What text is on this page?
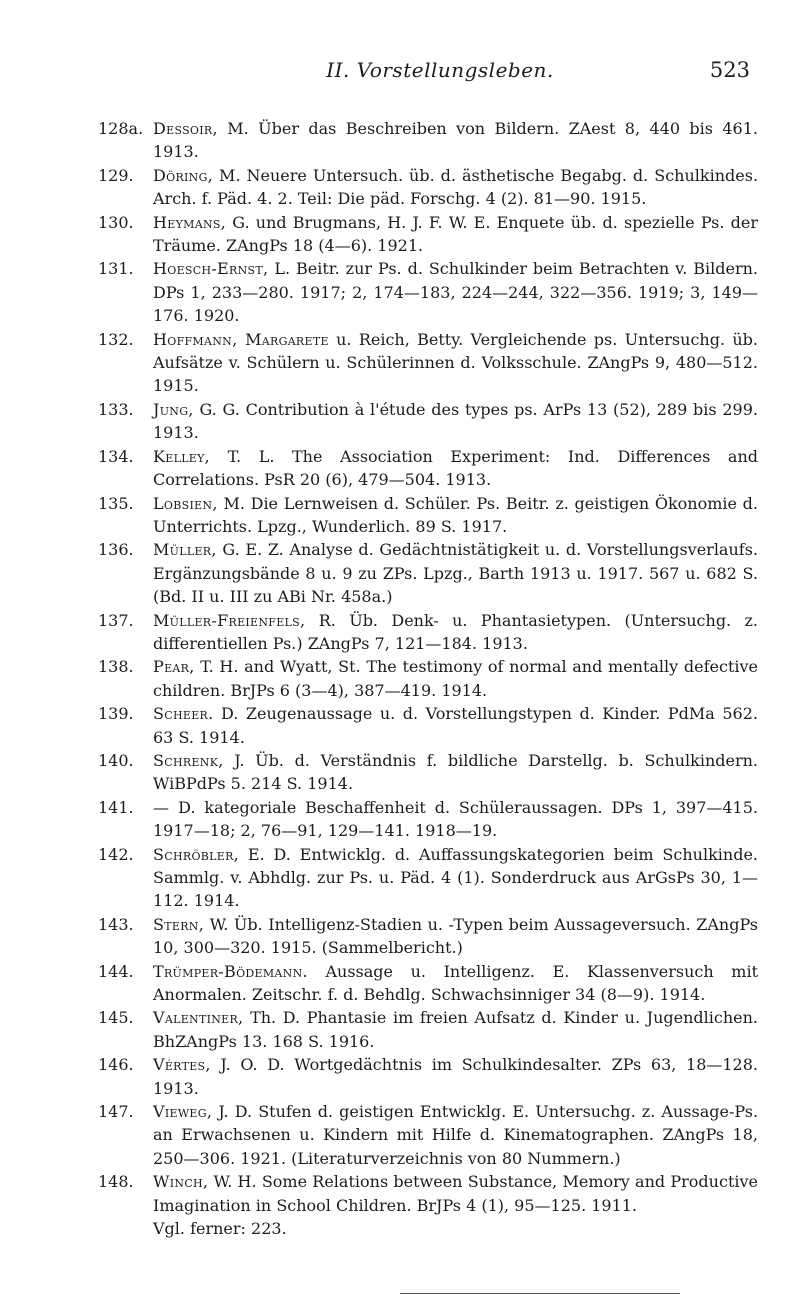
II. Vorstellungsleben.	523

128a. Dessoir, M. Über das Beschreiben von Bildern. ZAest 8, 440 bis 461. 1913.

129.	Döring, M. Neuere Untersuch. üb. d. ästhetische Begabg. d. Schulkindes. Arch. f. Päd. 4. 2. Teil: Die päd. Forschg. 4 (2). 81—90. 1915.

130.	Heymans, G. und Brugmans, H. J. F. W. E. Enquete üb. d. spezielle Ps. der Träume. ZAngPs 18 (4—6). 1921.

131.	Hoesch-Ernst, L. Beitr. zur Ps. d. Schulkinder beim Betrachten v. Bildern. DPs 1, 233—280. 1917; 2, 174—183, 224—244, 322—356. 1919; 3, 149—176. 1920.

132.	Hoffmann, Margarete u. Reich, Betty. Vergleichende ps. Untersuchg. üb. Aufsätze v. Schülern u. Schülerinnen d. Volksschule. ZAngPs 9, 480—512. 1915.

133.	Jung, G. G. Contribution à l'étude des types ps. ArPs 13 (52), 289 bis 299. 1913.

134.	Kelley, T. L. The Association Experiment: Ind. Differences and Correlations. PsR 20 (6), 479—504. 1913.

135.	Lobsien, M. Die Lernweisen d. Schüler. Ps. Beitr. z. geistigen Ökonomie d. Unterrichts. Lpzg., Wunderlich. 89 S. 1917.

136.	Müller, G. E. Z. Analyse d. Gedächtnistätigkeit u. d. Vorstellungsverlaufs. Ergänzungsbände 8 u. 9 zu ZPs. Lpzg., Barth 1913 u. 1917. 567 u. 682 S. (Bd. II u. III zu ABi Nr. 458a.)

137.	Müller-Freienfels, R. Üb. Denk- u. Phantasietypen. (Untersuchg. z. differentiellen Ps.) ZAngPs 7, 121—184. 1913.

138.	Pear, T. H. and Wyatt, St. The testimony of normal and mentally defective children. BrJPs 6 (3—4), 387—419. 1914.

139.	Scheer. D. Zeugenaussage u. d. Vorstellungstypen d. Kinder. PdMa 562. 63 S. 1914.

140.	Schrenk, J. Üb. d. Verständnis f. bildliche Darstellg. b. Schulkindern. WiBPdPs 5. 214 S. 1914.

141.	— D. kategoriale Beschaffenheit d. Schüleraussagen. DPs 1, 397—415. 1917—18; 2, 76—91, 129—141. 1918—19.

142.	Schröbler, E. D. Entwicklg. d. Auffassungskategorien beim Schulkinde. Sammlg. v. Abhdlg. zur Ps. u. Päd. 4 (1). Sonderdruck aus ArGsPs 30, 1—112. 1914.

143.	Stern, W. Üb. Intelligenz-Stadien u. -Typen beim Aussageversuch. ZAngPs 10, 300—320. 1915. (Sammelbericht.)

144.	Trümper-Bödemann. Aussage u. Intelligenz. E. Klassenversuch mit Anormalen. Zeitschr. f. d. Behdlg. Schwachsinniger 34 (8—9). 1914.

145.	Valentiner, Th. D. Phantasie im freien Aufsatz d. Kinder u. Jugendlichen. BhZAngPs 13. 168 S. 1916.

146.	Vértes, J. O. D. Wortgedächtnis im Schulkindesalter. ZPs 63, 18—128. 1913.

147.	Vieweg, J. D. Stufen d. geistigen Entwicklg. E. Untersuchg. z. Aussage-Ps. an Erwachsenen u. Kindern mit Hilfe d. Kinematographen. ZAngPs 18, 250—306. 1921. (Literaturverzeichnis von 80 Nummern.)

148.	Winch, W. H. Some Relations between Substance, Memory and Productive Imagination in School Children. BrJPs 4 (1), 95—125. 1911.

Vgl. ferner: 223.
